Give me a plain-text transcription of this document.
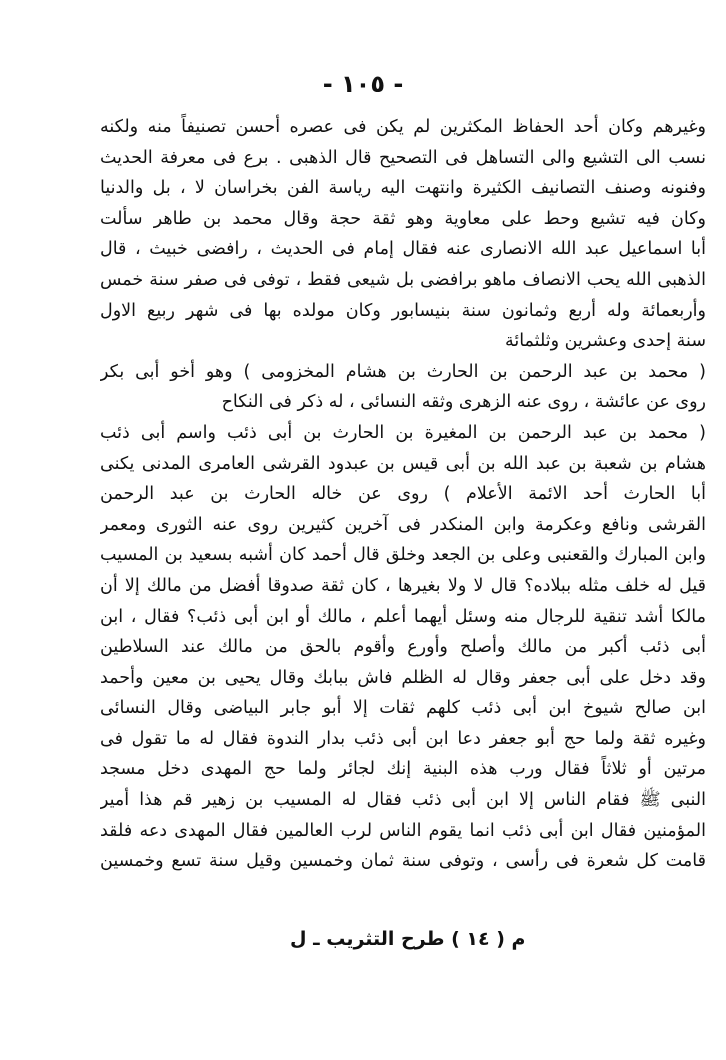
- ١٠٥ -
وغيرهم وكان أحد الحفاظ المكثرين لم يكن فى عصره أحسن تصنيفاً منه ولكنه
نسب الى التشيع والى التساهل فى التصحيح قال الذهبى . برع فى معرفة الحديث
وفنونه وصنف التصانيف الكثيرة وانتهت اليه رياسة الفن بخراسان لا ، بل والدنيا
وكان فيه تشيع وحط على معاوية وهو ثقة حجة وقال محمد بن طاهر سألت
أبا اسماعيل عبد الله الانصارى عنه فقال إمام فى الحديث ، رافضى خبيث ، قال
الذهبى الله يحب الانصاف ماهو برافضى بل شيعى فقط ، توفى فى صفر سنة خمس
وأربعمائة وله أربع وثمانون سنة بنيسابور وكان مولده بها فى شهر ربيع الاول
سنة إحدى وعشرين وثلثمائة
( محمد بن عبد الرحمن بن الحارث بن هشام المخزومى ) وهو أخو أبى بكر
روى عن عائشة ، روى عنه الزهرى وثقه النسائى ، له ذكر فى النكاح
( محمد بن عبد الرحمن بن المغيرة بن الحارث بن أبى ذئب واسم أبى ذئب
هشام بن شعبة بن عبد الله بن أبى قيس بن عبدود القرشى العامرى المدنى يكنى
أبا الحارث أحد الائمة الأعلام ) روى عن خاله الحارث بن عبد الرحمن
القرشى ونافع وعكرمة وابن المنكدر فى آخرين كثيرين روى عنه الثورى ومعمر
وابن المبارك والقعنبى وعلى بن الجعد وخلق قال أحمد كان أشبه بسعيد بن المسيب
قيل له خلف مثله ببلاده؟ قال لا ولا بغيرها ، كان ثقة صدوقا أفضل من مالك إلا أن
مالكا أشد تنقية للرجال منه وسئل أيهما أعلم ، مالك أو ابن أبى ذئب؟ فقال ، ابن
أبى ذئب أكبر من مالك وأصلح وأورع وأقوم بالحق من مالك عند السلاطين
وقد دخل على أبى جعفر وقال له الظلم فاش ببابك وقال يحيى بن معين وأحمد
ابن صالح شيوخ ابن أبى ذئب كلهم ثقات إلا أبو جابر البياضى وقال النسائى
وغيره ثقة ولما حج أبو جعفر دعا ابن أبى ذئب بدار الندوة فقال له ما تقول فى
مرتين أو ثلاثاً فقال ورب هذه البنية إنك لجائر ولما حج المهدى دخل مسجد
النبى ﷺ فقام الناس إلا ابن أبى ذئب فقال له المسيب بن زهير قم هذا أمير
المؤمنين فقال ابن أبى ذئب انما يقوم الناس لرب العالمين فقال المهدى دعه فلقد
قامت كل شعرة فى رأسى ، وتوفى سنة ثمان وخمسين وقيل سنة تسع وخمسين
م ( ١٤ ) طرح التثريب ـ ل
